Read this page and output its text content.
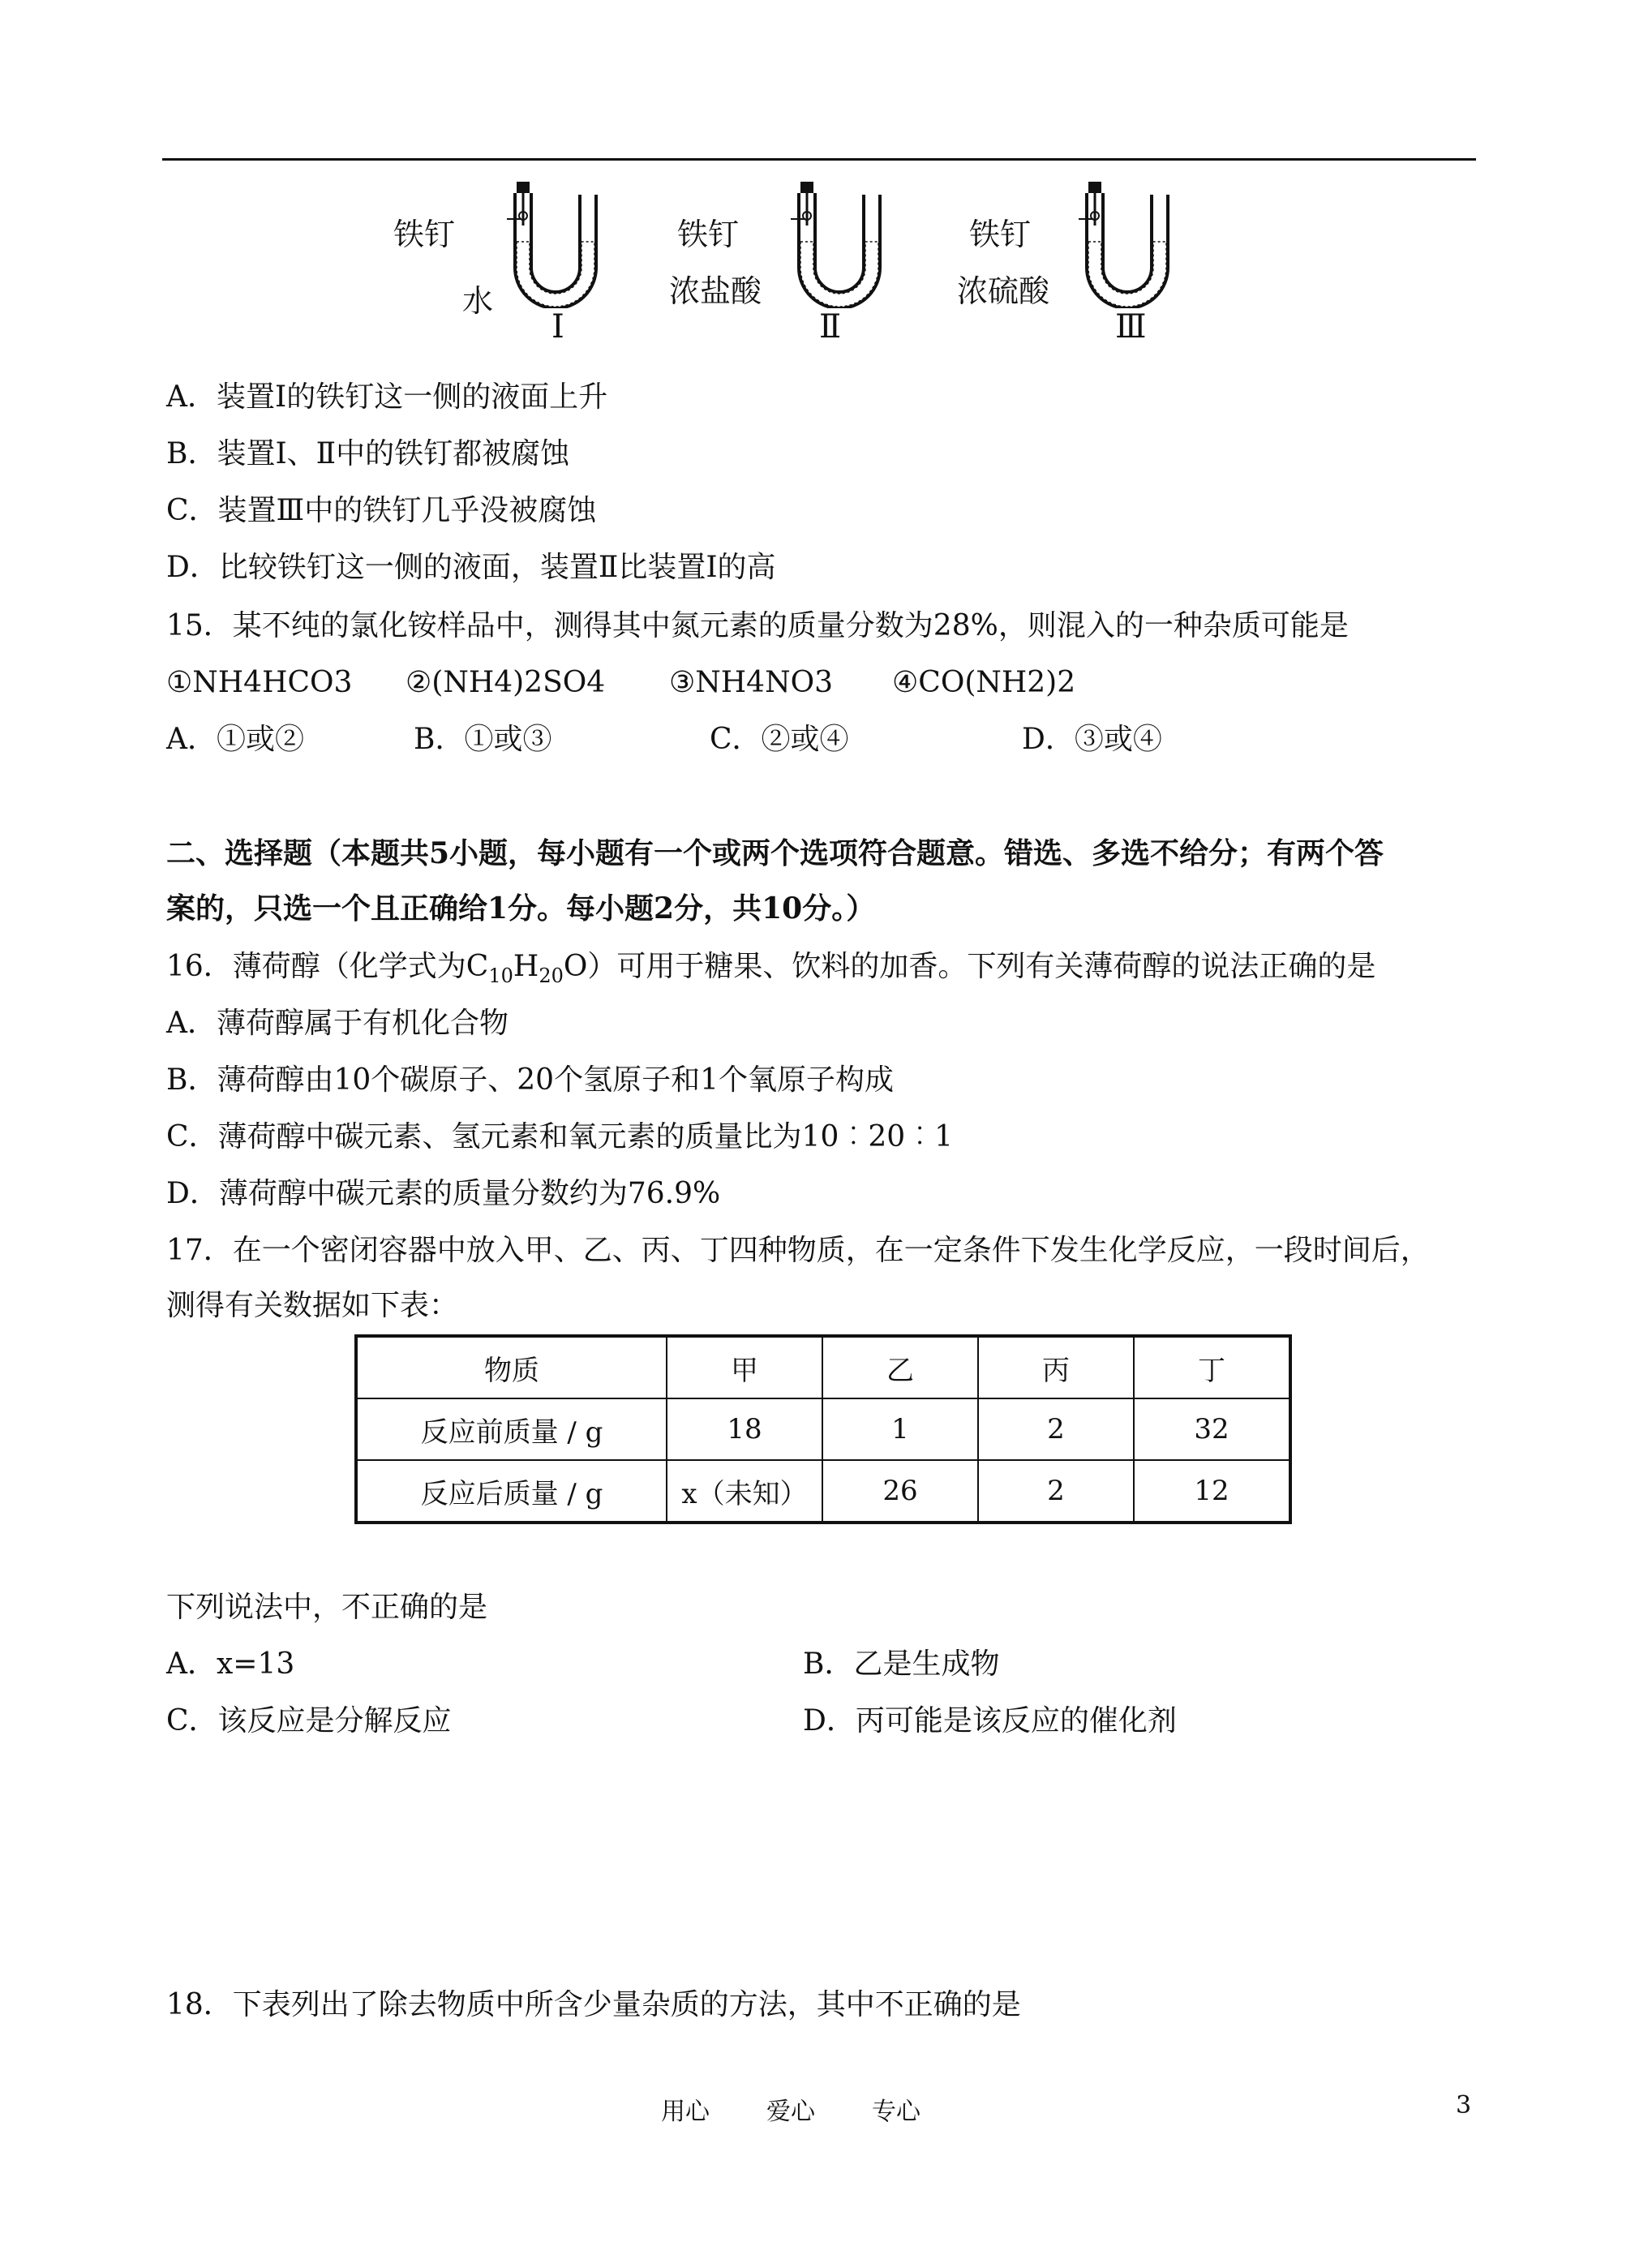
铁钉
水
Ⅰ
铁钉
浓盐酸
Ⅱ
铁钉
浓硫酸
Ⅲ
A．装置Ⅰ的铁钉这一侧的液面上升
B．装置Ⅰ、Ⅱ中的铁钉都被腐蚀
C．装置Ⅲ中的铁钉几乎没被腐蚀
D．比较铁钉这一侧的液面，装置Ⅱ比装置Ⅰ的高
15．某不纯的氯化铵样品中，测得其中氮元素的质量分数为28%，则混入的一种杂质可能是
①NH4HCO3 ②(NH4)2SO4 ③NH4NO3 ④CO(NH2)2
A．①或②	B．①或③	C．②或④	D．③或④
二、选择题（本题共5小题，每小题有一个或两个选项符合题意。错选、多选不给分；有两个答
案的，只选一个且正确给1分。每小题2分，共10分。）
16．薄荷醇（化学式为$C_{10}H_{20}O$）可用于糖果、饮料的加香。下列有关薄荷醇的说法正确的是
A．薄荷醇属于有机化合物
B．薄荷醇由10个碳原子、20个氢原子和1个氧原子构成
C．薄荷醇中碳元素、氢元素和氧元素的质量比为10︰20︰1
D．薄荷醇中碳元素的质量分数约为76.9%
17．在一个密闭容器中放入甲、乙、丙、丁四种物质，在一定条件下发生化学反应，一段时间后，
测得有关数据如下表：
物质	甲	乙	丙	丁
反应前质量 / g	18	1	2	32
反应后质量 / g	x（未知）	26	2	12
下列说法中，不正确的是
A．x=13	B．乙是生成物
C．该反应是分解反应	D．丙可能是该反应的催化剂
18．下表列出了除去物质中所含少量杂质的方法，其中不正确的是
用心 爱心 专心	3
